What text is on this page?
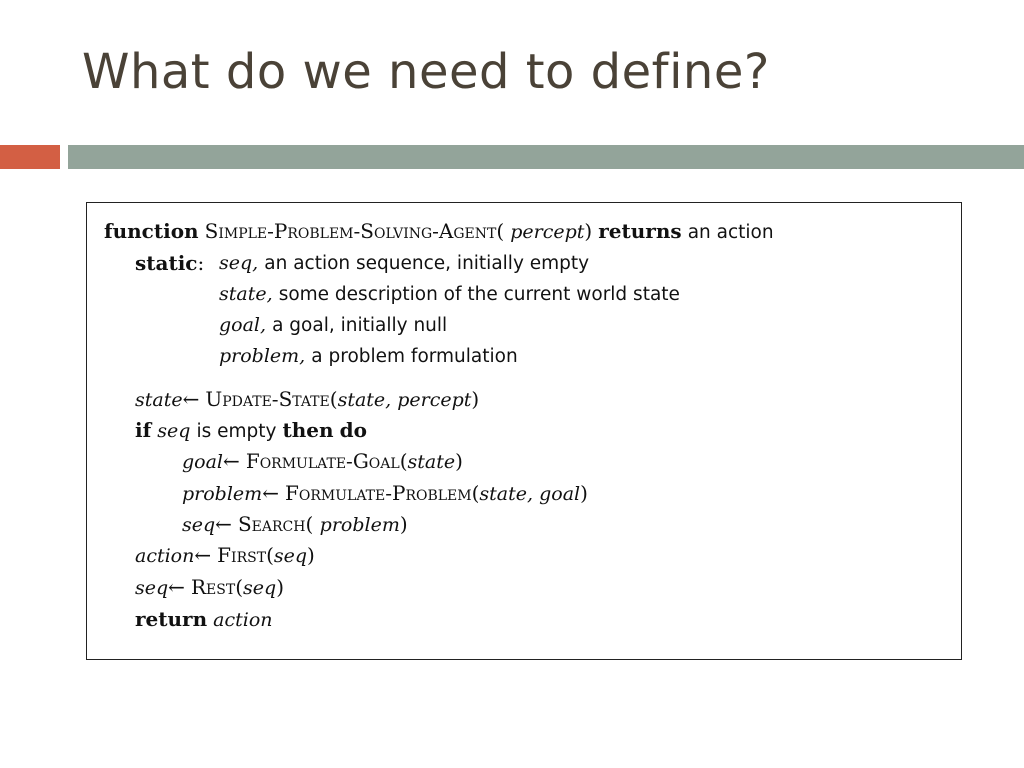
What do we need to define?
function Simple-Problem-Solving-Agent( percept) returns an action
static: seq, an action sequence, initially empty
state, some description of the current world state
goal, a goal, initially null
problem, a problem formulation
state← Update-State(state, percept)
if seq is empty then do
goal← Formulate-Goal(state)
problem← Formulate-Problem(state, goal)
seq← Search( problem)
action← First(seq)
seq← Rest(seq)
return action
